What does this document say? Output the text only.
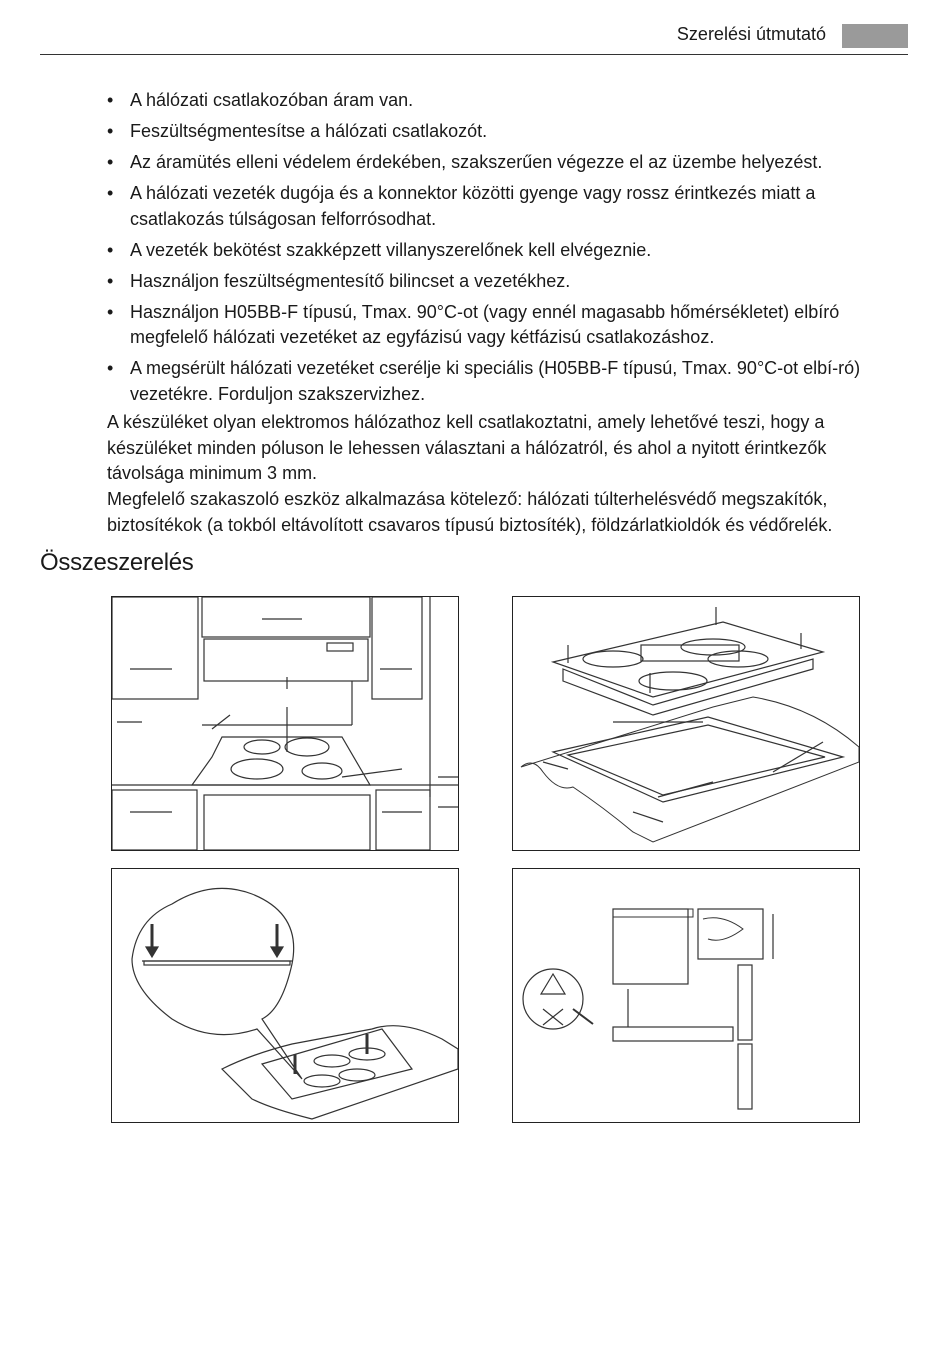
Szerelési útmutató
• A hálózati csatlakozóban áram van.
• Feszültségmentesítse a hálózati csatlakozót.
• Az áramütés elleni védelem érdekében, szakszerűen végezze el az üzembe helyezést.
• A hálózati vezeték dugója és a konnektor közötti gyenge vagy rossz érintkezés miatt a csatlakozás túlságosan felforrósodhat.
• A vezeték bekötést szakképzett villanyszerelőnek kell elvégeznie.
• Használjon feszültségmentesítő bilincset a vezetékhez.
• Használjon H05BB-F típusú, Tmax. 90°C-ot (vagy ennél magasabb hőmérsékletet) elbíró megfelelő hálózati vezetéket az egyfázisú vagy kétfázisú csatlakozáshoz.
• A megsérült hálózati vezetéket cserélje ki speciális (H05BB-F típusú, Tmax. 90°C-ot elbí-ró) vezetékre. Forduljon szakszervizhez.

A készüléket olyan elektromos hálózathoz kell csatlakoztatni, amely lehetővé teszi, hogy a készüléket minden póluson le lehessen választani a hálózatról, és ahol a nyitott érintkezők távolsága minimum 3 mm.

Megfelelő szakaszoló eszköz alkalmazása kötelező: hálózati túlterhelésvédő megszakítók, biztosítékok (a tokból eltávolított csavaros típusú biztosíték), földzárlatkioldók és védőrelék.

Összeszerelés
